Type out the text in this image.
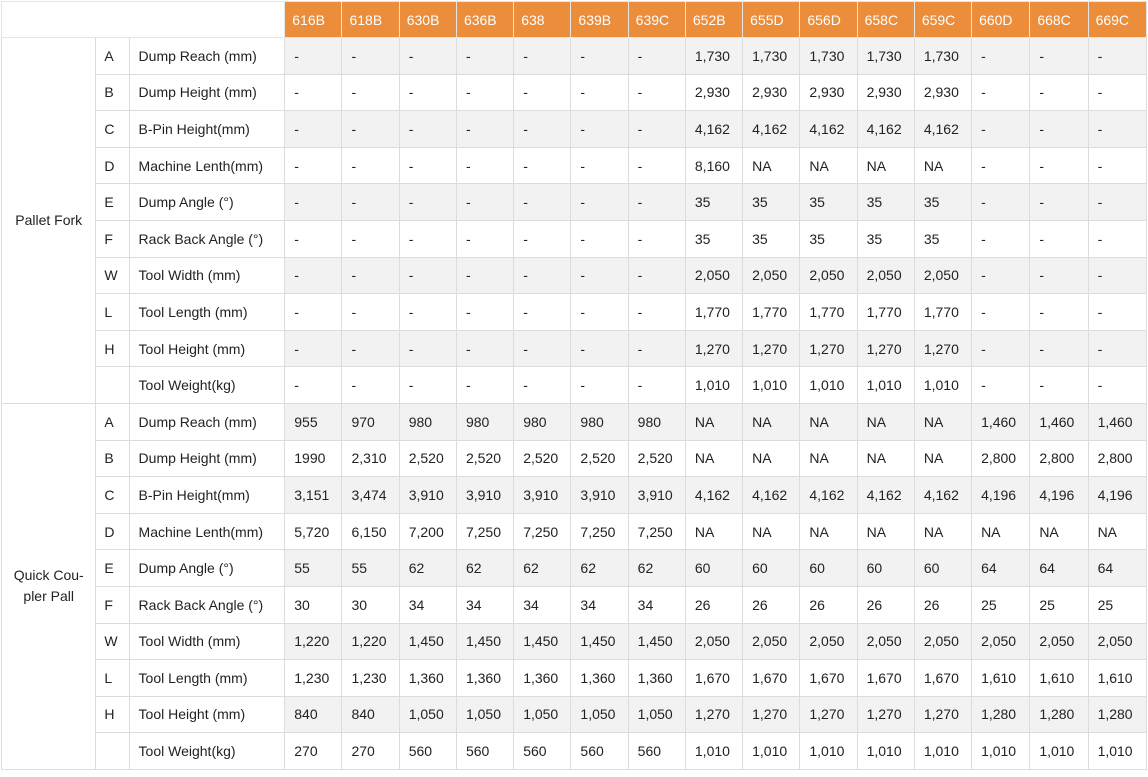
			616B	618B	630B	636B	638	639B	639C	652B	655D	656D	658C	659C	660D	668C	669C
Pallet Fork	A	Dump Reach (mm)	-	-	-	-	-	-	-	1,730	1,730	1,730	1,730	1,730	-	-	-
	B	Dump Height (mm)	-	-	-	-	-	-	-	2,930	2,930	2,930	2,930	2,930	-	-	-
	C	B-Pin Height(mm)	-	-	-	-	-	-	-	4,162	4,162	4,162	4,162	4,162	-	-	-
	D	Machine Lenth(mm)	-	-	-	-	-	-	-	8,160	NA	NA	NA	NA	-	-	-
	E	Dump Angle (°)	-	-	-	-	-	-	-	35	35	35	35	35	-	-	-
	F	Rack Back Angle (°)	-	-	-	-	-	-	-	35	35	35	35	35	-	-	-
	W	Tool Width (mm)	-	-	-	-	-	-	-	2,050	2,050	2,050	2,050	2,050	-	-	-
	L	Tool Length (mm)	-	-	-	-	-	-	-	1,770	1,770	1,770	1,770	1,770	-	-	-
	H	Tool Height (mm)	-	-	-	-	-	-	-	1,270	1,270	1,270	1,270	1,270	-	-	-
		Tool Weight(kg)	-	-	-	-	-	-	-	1,010	1,010	1,010	1,010	1,010	-	-	-
Quick Cou-pler Pall	A	Dump Reach (mm)	955	970	980	980	980	980	980	NA	NA	NA	NA	NA	1,460	1,460	1,460
	B	Dump Height (mm)	1990	2,310	2,520	2,520	2,520	2,520	2,520	NA	NA	NA	NA	NA	2,800	2,800	2,800
	C	B-Pin Height(mm)	3,151	3,474	3,910	3,910	3,910	3,910	3,910	4,162	4,162	4,162	4,162	4,162	4,196	4,196	4,196
	D	Machine Lenth(mm)	5,720	6,150	7,200	7,250	7,250	7,250	7,250	NA	NA	NA	NA	NA	NA	NA	NA
	E	Dump Angle (°)	55	55	62	62	62	62	62	60	60	60	60	60	64	64	64
	F	Rack Back Angle (°)	30	30	34	34	34	34	34	26	26	26	26	26	25	25	25
	W	Tool Width (mm)	1,220	1,220	1,450	1,450	1,450	1,450	1,450	2,050	2,050	2,050	2,050	2,050	2,050	2,050	2,050
	L	Tool Length (mm)	1,230	1,230	1,360	1,360	1,360	1,360	1,360	1,670	1,670	1,670	1,670	1,670	1,610	1,610	1,610
	H	Tool Height (mm)	840	840	1,050	1,050	1,050	1,050	1,050	1,270	1,270	1,270	1,270	1,270	1,280	1,280	1,280
		Tool Weight(kg)	270	270	560	560	560	560	560	1,010	1,010	1,010	1,010	1,010	1,010	1,010	1,010
